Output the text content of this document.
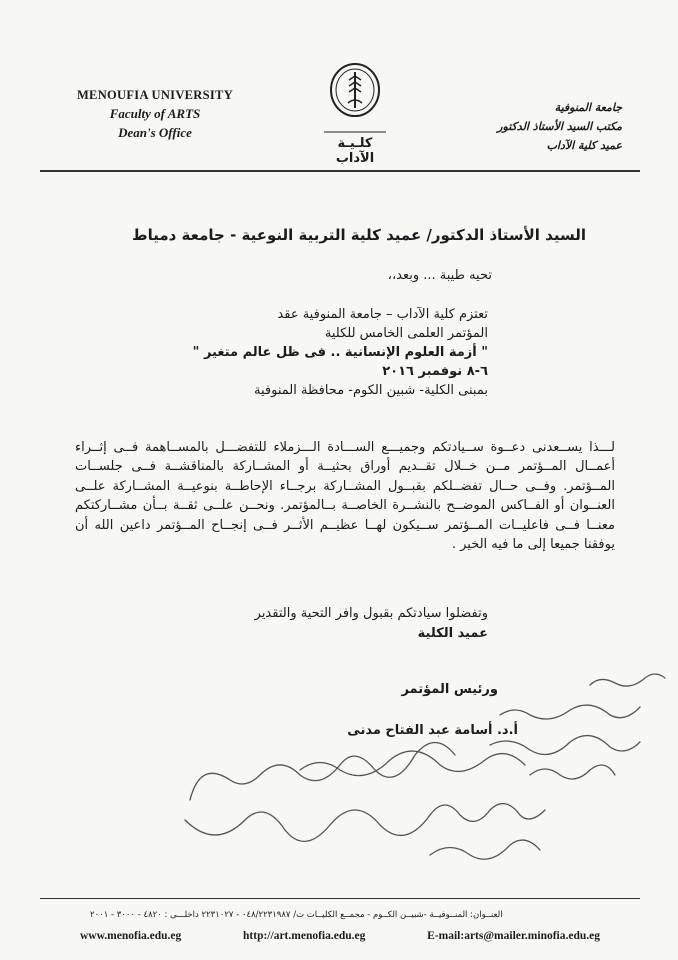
MENOUFIA UNIVERSITY
Faculty of ARTS
Dean's Office
كلـيـة الآداب
جامعة المنوفية
مكتب السيد الأستاذ الدكتور
عميد كلية الآداب
السيد الأستاذ الدكتور/ عميد كلية التربية النوعية - جامعة دمياط
تحيه طيبة ... وبعد،،
تعتزم كلية الآداب – جامعة المنوفية عقد
المؤتمر العلمى الخامس للكلية
" أزمة العلوم الإنسانية .. فى ظل عالم متغير "
٦-٨ نوفمبر ٢٠١٦
بمبنى الكلية- شبين الكوم- محافظة المنوفية
لـــذا يســعدنى دعــوة ســيادتكم وجميـــع الســـادة الـــزملاء للتفضـــل بالمســاهمة فــى إثــراء أعمــال المــؤتمر مــن خــلال تقــديم أوراق بحثيــة أو المشــاركة بالمناقشــة فــى جلســات المــؤتمر. وفــى حــال تفضــلكم بقبــول المشــاركة برجــاء الإحاطــة بنوعيــة المشــاركة علــى العنــوان أو الفــاكس الموضــح بالنشــرة الخاصــة بــالمؤتمر. ونحــن علــى ثقــة بــأن مشــاركتكم معنــا فــى فاعليــات المــؤتمر ســيكون لهــا عظيــم الأثــر فــى إنجــاح المــؤتمر داعين الله أن يوفقنا جميعا إلى ما فيه الخير .
وتفضلوا سيادتكم بقبول وافر التحية والتقدير
عميد الكلية
ورئيس المؤتمر
أ.د. أسامة عبد الفتاح مدنى
العنــوان: المنــوفيــة -شبيــن الكــوم - مجمــع الكليــات ت/ ٠٤٨/٢٢٣١٩٨٧ - ٢٢٣١٠٢٧ داخلـــى : ٤٨٢٠ - ٣٠٠٠ - ٢٠٠١
www.menofia.edu.eg	http://art.menofia.edu.eg	E-mail:arts@mailer.minofia.edu.eg
